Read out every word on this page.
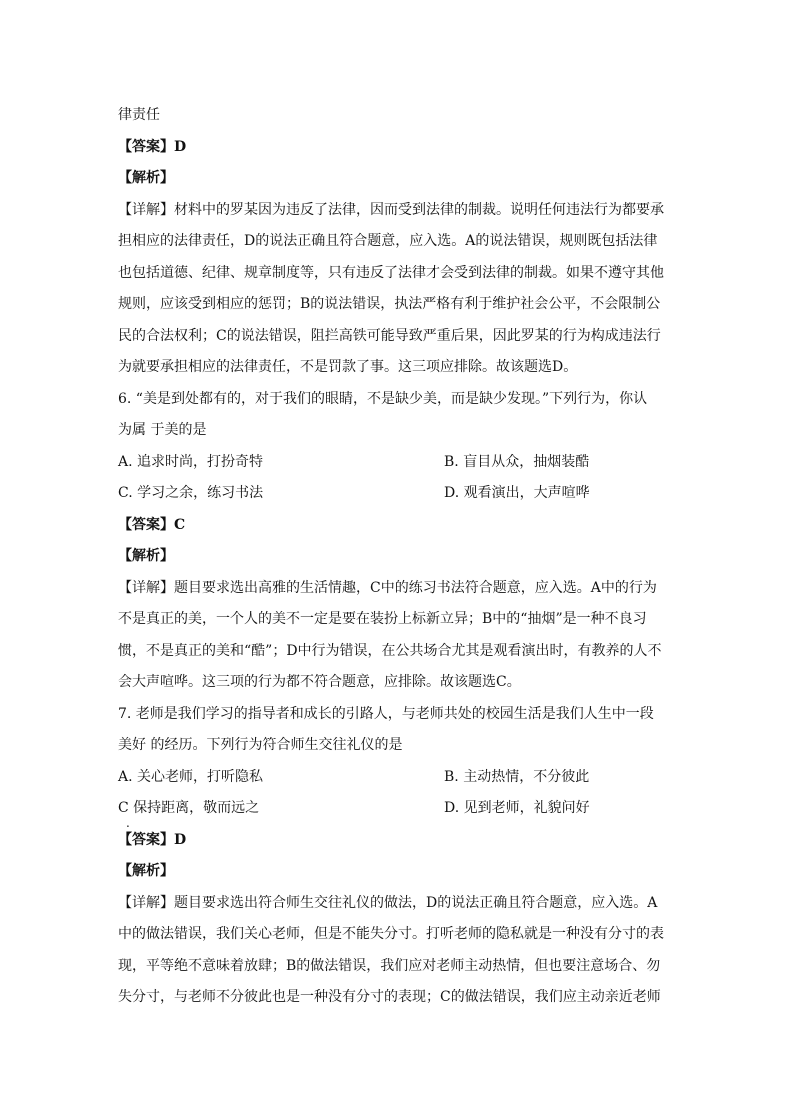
律责任
【答案】D
【解析】
【详解】材料中的罗某因为违反了法律，因而受到法律的制裁。说明任何违法行为都要承
担相应的法律责任，D的说法正确且符合题意，应入选。A的说法错误，规则既包括法律
也包括道德、纪律、规章制度等，只有违反了法律才会受到法律的制裁。如果不遵守其他
规则，应该受到相应的惩罚；B的说法错误，执法严格有利于维护社会公平，不会限制公
民的合法权利；C的说法错误，阻拦高铁可能导致严重后果，因此罗某的行为构成违法行
为就要承担相应的法律责任，不是罚款了事。这三项应排除。故该题选D。
6. “美是到处都有的，对于我们的眼睛，不是缺少美，而是缺少发现。”下列行为，你认
为属 于美的是
A. 追求时尚，打扮奇特	B. 盲目从众，抽烟装酷
C. 学习之余，练习书法	D. 观看演出，大声喧哗
【答案】C
【解析】
【详解】题目要求选出高雅的生活情趣，C中的练习书法符合题意，应入选。A中的行为
不是真正的美，一个人的美不一定是要在装扮上标新立异；B中的“抽烟”是一种不良习
惯，不是真正的美和“酷”；D中行为错误，在公共场合尤其是观看演出时，有教养的人不
会大声喧哗。这三项的行为都不符合题意，应排除。故该题选C。
7. 老师是我们学习的指导者和成长的引路人，与老师共处的校园生活是我们人生中一段
美好 的经历。下列行为符合师生交往礼仪的是
A. 关心老师，打听隐私	B. 主动热情，不分彼此
C 保持距离，敬而远之	D. 见到老师，礼貌问好
.
【答案】D
【解析】
【详解】题目要求选出符合师生交往礼仪的做法，D的说法正确且符合题意，应入选。A
中的做法错误，我们关心老师，但是不能失分寸。打听老师的隐私就是一种没有分寸的表
现，平等绝不意味着放肆；B的做法错误，我们应对老师主动热情，但也要注意场合、勿
失分寸，与老师不分彼此也是一种没有分寸的表现；C的做法错误，我们应主动亲近老师
